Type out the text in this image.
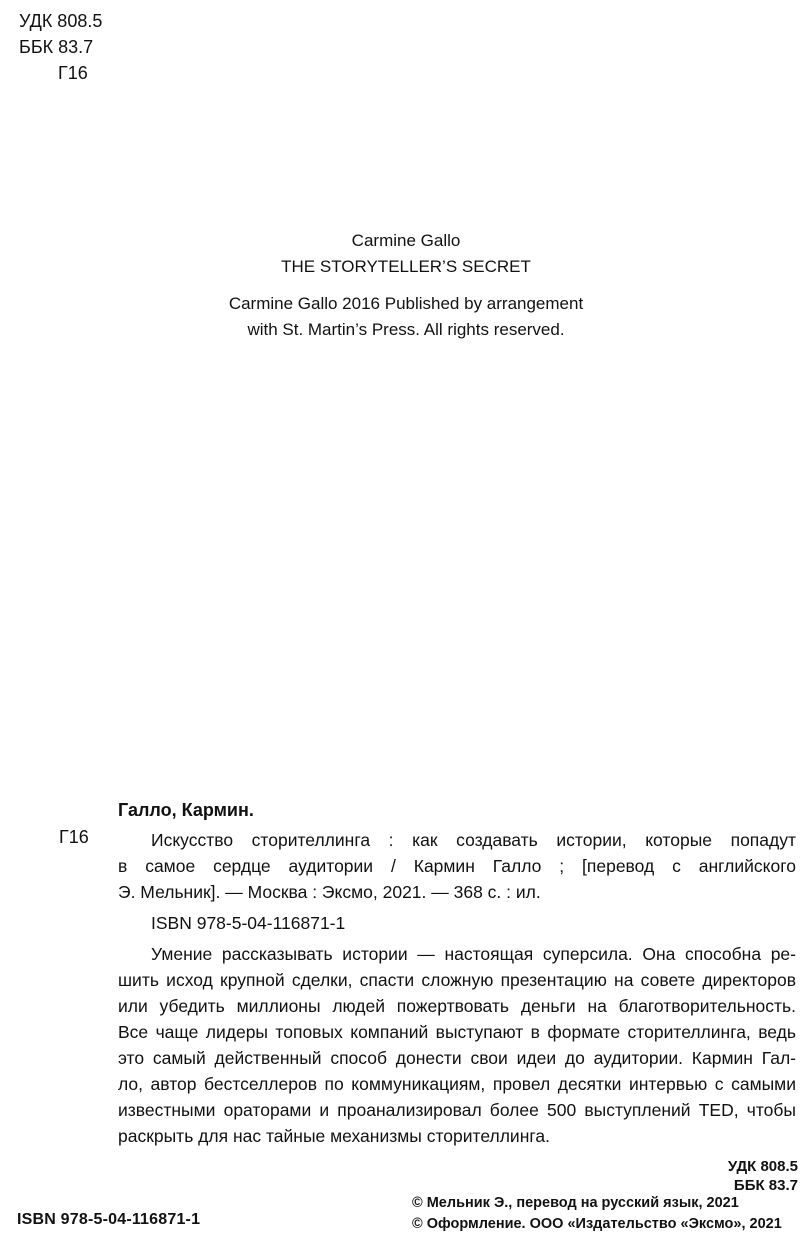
УДК 808.5
ББК 83.7
Г16
Carmine Gallo
THE STORYTELLER’S SECRET
Carmine Gallo 2016 Published by arrangement
with St. Martin’s Press. All rights reserved.
Галло, Кармин.
Г16	Искусство сторителлинга : как создавать истории, которые попадут
в самое сердце аудитории / Кармин Галло ; [перевод с английского
Э. Мельник]. — Москва : Эксмо, 2021. — 368 с. : ил.
ISBN 978-5-04-116871-1
Умение рассказывать истории — настоящая суперсила. Она способна ре-
шить исход крупной сделки, спасти сложную презентацию на совете директоров
или убедить миллионы людей пожертвовать деньги на благотворительность.
Все чаще лидеры топовых компаний выступают в формате сторителлинга, ведь
это самый действенный способ донести свои идеи до аудитории. Кармин Гал-
ло, автор бестселлеров по коммуникациям, провел десятки интервью с самыми
известными ораторами и проанализировал более 500 выступлений TED, чтобы
раскрыть для нас тайные механизмы сторителлинга.
УДК 808.5
ББК 83.7
ISBN 978-5-04-116871-1
© Мельник Э., перевод на русский язык, 2021
© Оформление. ООО «Издательство «Эксмо», 2021
